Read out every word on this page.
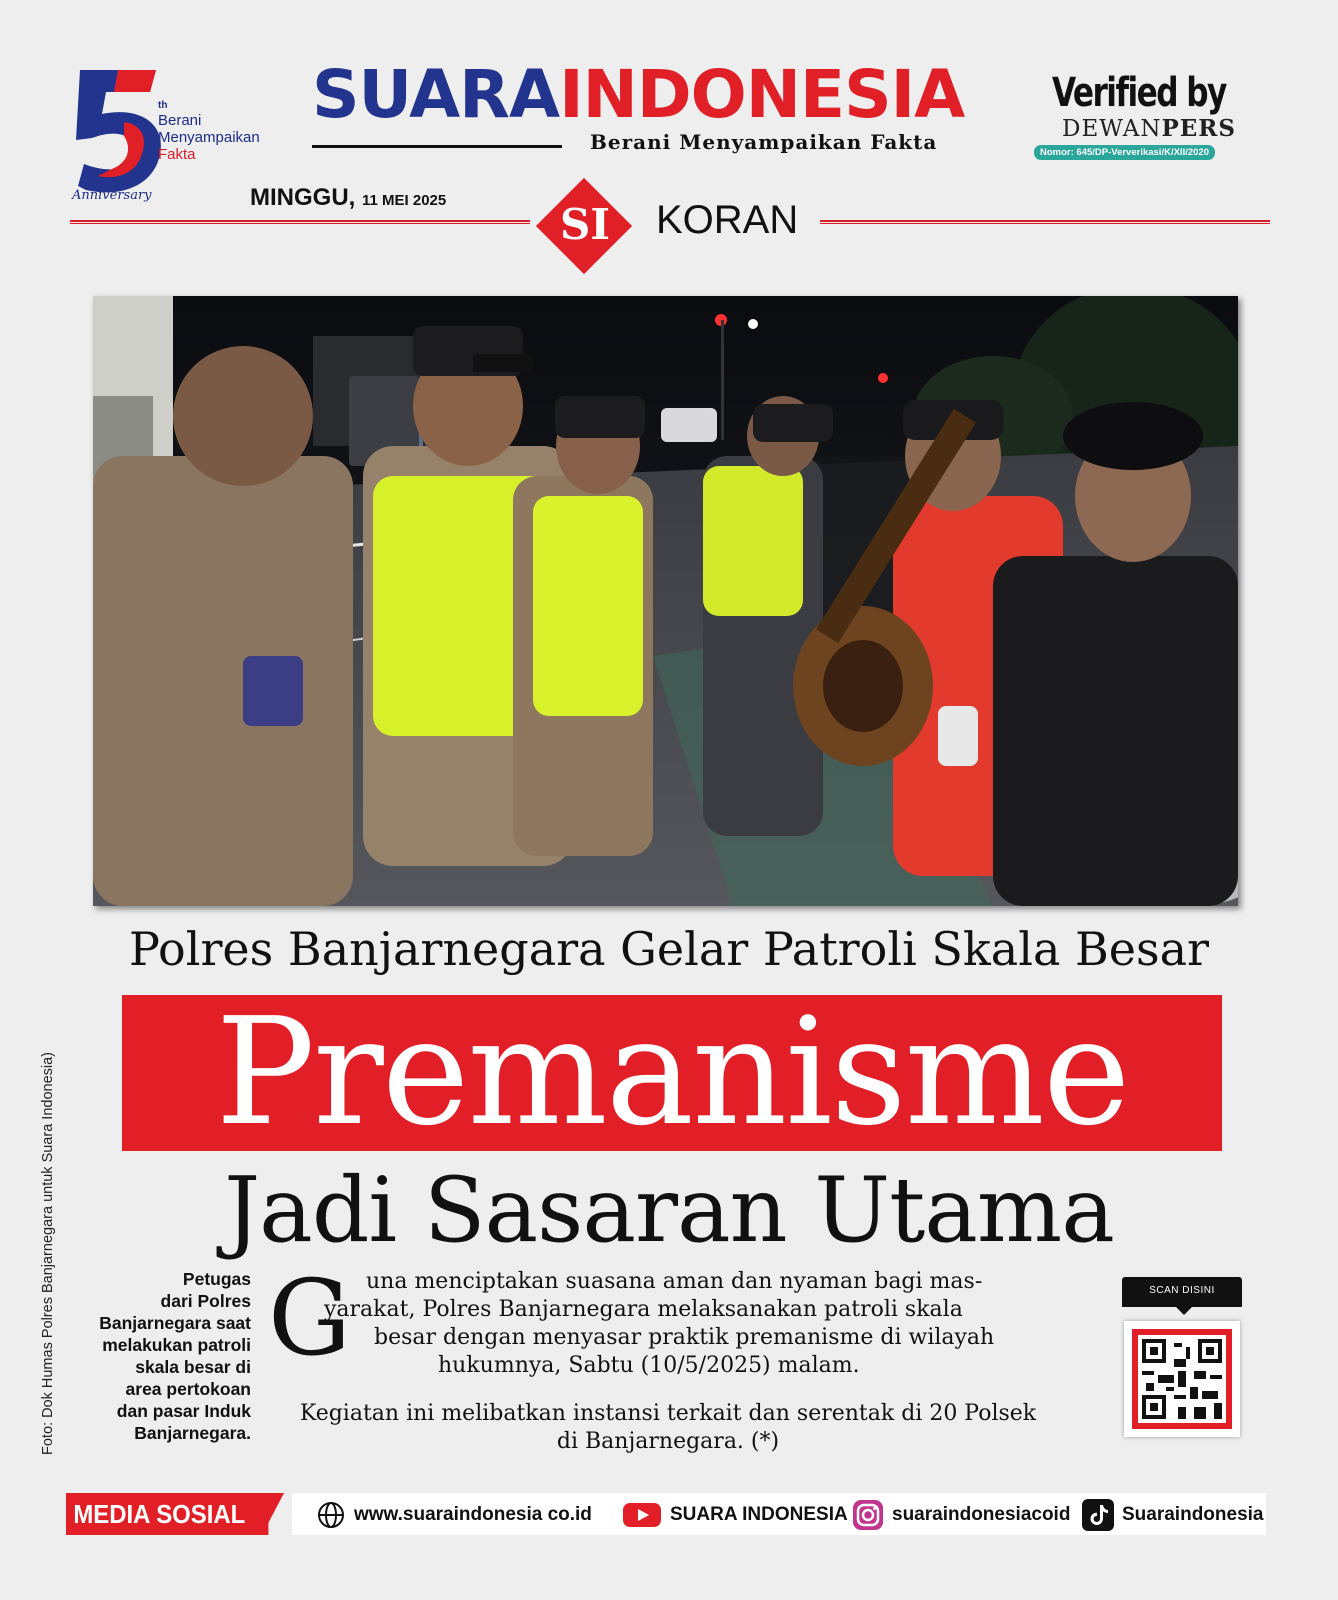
th
Berani
Menyampaikan
Fakta
Anniversary
SUARAINDONESIA
Berani Menyampaikan Fakta
Verified by
DEWANPERS
Nomor: 645/DP-Ververikasi/K/XII/2020
MINGGU, 11 MEI 2025	SI	KORAN
Polres Banjarnegara Gelar Patroli Skala Besar
Premanisme
Jadi Sasaran Utama
Foto: Dok Humas Polres Banjarnegara untuk Suara Indonesia)	Petugas
dari Polres
Banjarnegara saat
melakukan patroli
skala besar di
area pertokoan
dan pasar Induk
Banjarnegara.
G una menciptakan suasana aman dan nyaman bagi mas-
yarakat, Polres Banjarnegara melaksanakan patroli skala
besar dengan menyasar praktik premanisme di wilayah
hukumnya, Sabtu (10/5/2025) malam.
Kegiatan ini melibatkan instansi terkait dan serentak di 20 Polsek
di Banjarnegara. (*)
SCAN DISINI
MEDIA SOSIAL	www.suaraindonesia co.id	SUARA INDONESIA suaraindonesiacoid	Suaraindonesia
